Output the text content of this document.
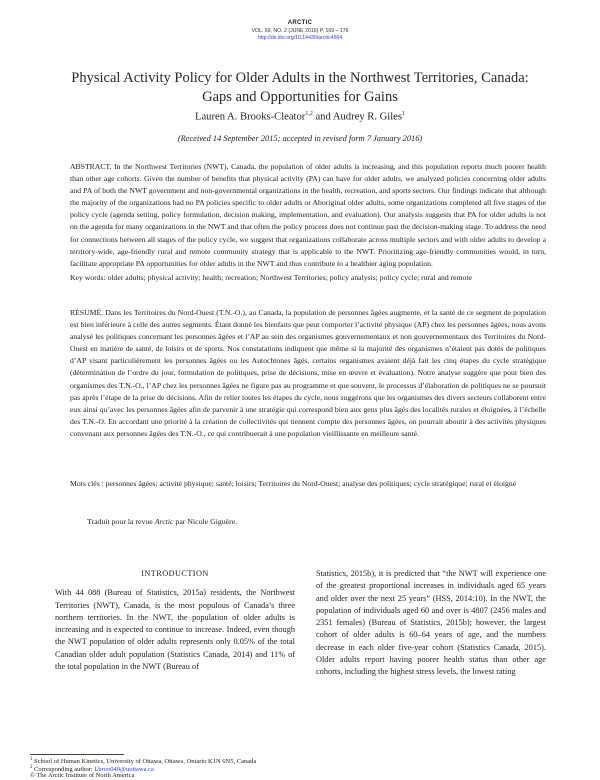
ARCTIC
VOL. 69, NO. 2 (JUNE 2016) P. 169 – 176
http://dx.doi.org/10.14430/arctic4564
Physical Activity Policy for Older Adults in the Northwest Territories, Canada:
Gaps and Opportunities for Gains
Lauren A. Brooks-Cleator$^{1,2}$ and Audrey R. Giles$^1$
(Received 14 September 2015; accepted in revised form 7 January 2016)
ABSTRACT. In the Northwest Territories (NWT), Canada, the population of older adults is increasing, and this population reports much poorer health than other age cohorts. Given the number of benefits that physical activity (PA) can have for older adults, we analyzed policies concerning older adults and PA of both the NWT government and non-governmental organizations in the health, recreation, and sports sectors. Our findings indicate that although the majority of the organizations had no PA policies specific to older adults or Aboriginal older adults, some organizations completed all five stages of the policy cycle (agenda setting, policy formulation, decision making, implementation, and evaluation). Our analysis suggests that PA for older adults is not on the agenda for many organizations in the NWT and that often the policy process does not continue past the decision-making stage. To address the need for connections between all stages of the policy cycle, we suggest that organizations collaborate across multiple sectors and with older adults to develop a territory-wide, age-friendly rural and remote community strategy that is applicable to the NWT. Prioritizing age-friendly communities would, in turn, facilitate appropriate PA opportunities for older adults in the NWT and thus contribute to a healthier aging population.
Key words: older adults; physical activity; health; recreation; Northwest Territories; policy analysis; policy cycle; rural and remote
RÉSUMÉ. Dans les Territoires du Nord-Ouest (T.N.-O.), au Canada, la population de personnes âgées augmente, et la santé de ce segment de population est bien inférieure à celle des autres segments. Étant donné les bienfaits que peut comporter l’activité physique (AP) chez les personnes âgées, nous avons analysé les politiques concernant les personnes âgées et l’AP au sein des organismes gouvernementaux et non gouvernementaux des Territoires du Nord-Ouest en matière de santé, de loisirs et de sports. Nos constatations indiquent que même si la majorité des organismes n’étaient pas dotés de politiques d’AP visant particulièrement les personnes âgées ou les Autochtones âgés, certains organismes avaient déjà fait les cinq étapes du cycle stratégique (détermination de l’ordre du jour, formulation de politiques, prise de décisions, mise en œuvre et évaluation). Notre analyse suggère que pour bien des organismes des T.N.-O., l’AP chez les personnes âgées ne figure pas au programme et que souvent, le processus d’élaboration de politiques ne se poursuit pas après l’étape de la prise de décisions. Afin de relier toutes les étapes du cycle, nous suggérons que les organismes des divers secteurs collaborent entre eux ainsi qu’avec les personnes âgées afin de parvenir à une stratégie qui correspond bien aux gens plus âgés des localités rurales et éloignées, à l’échelle des T.N.-O. En accordant une priorité à la création de collectivités qui tiennent compte des personnes âgées, on pourrait aboutir à des activités physiques convenant aux personnes âgées des T.N.-O., ce qui contribuerait à une population vieillissante en meilleure santé.
Mots clés : personnes âgées; activité physique; santé; loisirs; Territoires du Nord-Ouest; analyse des politiques; cycle stratégique; rural et éloigné
Traduit pour la revue Arctic par Nicole Giguère.
INTRODUCTION
With 44 088 (Bureau of Statistics, 2015a) residents, the Northwest Territories (NWT), Canada, is the most populous of Canada’s three northern territories. In the NWT, the population of older adults is increasing and is expected to continue to increase. Indeed, even though the NWT population of older adults represents only 0.05% of the total Canadian older adult population (Statistics Canada, 2014) and 11% of the total population in the NWT (Bureau of
Statistics, 2015b), it is predicted that “the NWT will experience one of the greatest proportional increases in individuals aged 65 years and older over the next 25 years” (HSS, 2014:10). In the NWT, the population of individuals aged 60 and over is 4807 (2456 males and 2351 females) (Bureau of Statistics, 2015b); however, the largest cohort of older adults is 60–64 years of age, and the numbers decrease in each older five-year cohort (Statistics Canada, 2015). Older adults report having poorer health status than other age cohorts, including the highest stress levels, the lowest rating
$^1$ School of Human Kinetics, University of Ottawa, Ottawa, Ontario K1N 6N5, Canada
$^2$ Corresponding author: Lbroo049@uottawa.ca
© The Arctic Institute of North America
